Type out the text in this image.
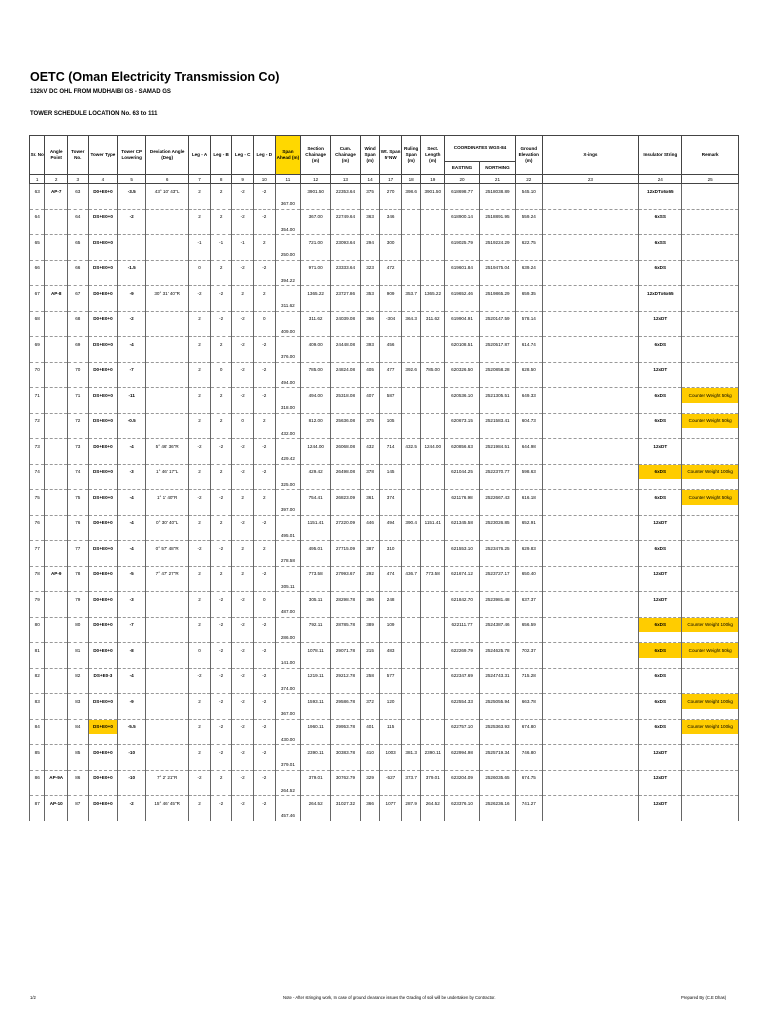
OETC (Oman Electricity Transmission Co)
132kV DC OHL FROM MUDHAIBI GS - SAMAD GS
TOWER SCHEDULE LOCATION No. 63 to 111
Sr. No	Angle Point	Tower No.	Tower Type	Tower CP Lowering	Deviation Angle (Deg)	Leg - A	Leg - B	Leg - C	Leg - D	Span Ahead (m)	Section Chainage (m)	Cum. Chainage (m)	Wind Span (m)	Wt. Span 5°NW	Ruling Span (m)	Sect. Length (m)	COORDINATES WGS-84		Ground Elevation (m)	X-ings	Insulator String	Remark
																	EASTING	NORTHING				
1	2	3	4	5	6	7	8	9	10	11	12	13	14	17	18	19	20	21	22	23	24	25
63	AP-7	63	D0+E0+0	-3.5	43° 10' 43"L	2	2	-2	-2		3901.50	22353.64	375	270	398.6	3901.50	618698.77	2518038.89	545.10		12xDTx6x65	
										367.00												
64		64	DS+E0+0	-2		2	2	-2	-2		367.00	22749.64	363	346			618900.14	2518891.95	559.24		6xSS	
										354.00												
65		65	DS+E0+0			-1	-1	-1	2		721.00	23093.64	294	300			619025.79	2519224.29	622.75		6xSS	
										250.00												
66		66	DS+E0+0	-1.5		0	2	-2	-2		971.00	23333.64	323	472			619601.84	2519475.04	639.24		6xDS	
										394.22												
67	AP-8	67	D0+E0+0	-9	30° 31' 40"R	-2	-2	2	2		1365.22	23727.86	353	909	353.7	1365.22	619652.46	2519865.29	659.35		12xDTx6x65	
										311.62												
68		68	D0+E0+0	-2		2	-2	-2	0		311.62	24039.08	366	-304	364.3	311.62	619904.91	2520147.59	578.14		12xDT	
										409.00												
69		69	DS+E0+0	-4		2	2	-2	-2		409.00	24448.08	393	456			620108.51	2520517.87	614.74		6xDS	
										376.00												
70		70	D0+E0+0	-7		2	0	-2	-2		785.00	24824.08	405	477	392.6	785.00	620326.50	2520858.28	628.50		12xDT	
										494.00												
71		71	DS+E0+0	-11		2	2	-2	-2		494.00	25318.08	407	587			620536.10	2521305.51	649.33		6xDS	Counter Weight 50kg
										318.00												
72		72	DS+E0+0	-0.5		2	2	0	2		812.00	25636.08	375	105			620673.15	2521583.41	604.73		6xDS	Counter Weight 50kg
										432.00												
73		73	D0+E0+0	-4	5° 46' 36"R	-2	-2	-2	-2		1244.00	26068.08	432	714	432.5	1244.00	620856.63	2521984.51	644.98		12xDT	
										429.42												
74		74	DS+E0+0	-3	1° 46' 17"L	2	2	-2	-2		429.42	26498.08	378	145			621044.25	2522370.77	598.63		6xDS	Counter Weight 100kg
										325.00												
75		75	DS+E0+0	-4	1° 1' 40"R	-2	-2	2	2		754.41	26823.09	361	374			621176.98	2522667.43	616.18		6xDS	Counter Weight 50kg
										397.00												
76		76	D0+E0+0	-4	0° 30' 40"L	2	2	-2	-2		1151.41	27220.09	446	494	390.4	1151.41	621345.58	2523026.85	652.91		12xDT	
										495.01												
77		77	DS+E0+0	-4	0° 57' 48"R	-2	-2	2	2		495.01	27715.09	387	310			621553.10	2523476.25	629.83		6xDS	
										278.58												
78	AP-9	78	D0+E0+0	-5	7° 47' 27"R	2	2	2	-2		773.58	27993.67	292	474	436.7	773.58	621674.12	2523727.17	650.40		12xDT	
										305.11												
79		79	D0+E0+0	-3		2	-2	-2	0		305.11	28298.78	396	248			621842.70	2523981.48	637.37		12xDT	
										487.00												
80		80	D0+E0+0	-7		2	-2	-2	-2		792.11	28785.78	389	109			622111.77	2524387.46	656.59		6xDS	Counter Weight 100kg
										286.00												
81		81	D0+E0+0	-8		0	-2	-2	-2		1078.11	29071.78	215	483			622269.79	2524625.78	702.37		6xDS	Counter Weight 50kg
										141.00												
82		82	DS+E0-3	-4		-2	-2	-2	-2		1219.11	29212.78	258	577			622347.69	2524743.31	715.28		6xDS	
										374.00												
83		83	DS+E0+0	-9		2	-2	-2	-2		1593.11	29586.78	372	120			622554.33	2525055.94	663.78		6xDS	Counter Weight 100kg
										367.00												
84		84	DS+E0+0	-5.5		2	-2	-2	-2		1960.11	29953.78	401	115			622757.10	2525363.93	674.80		6xDS	Counter Weight 100kg
										430.00												
85		85	D0+E0+0	-10		2	-2	-2	-2		2390.11	30383.78	410	1003	381.3	2390.11	622994.98	2525719.34	746.80		12xDT	
										379.01												
86	AP-9A	86	D0+E0+0	-10	7° 2' 21"R	-2	2	-2	-2		379.01	30762.79	329	-527	373.7	379.01	623204.09	2526035.65	674.75		12xDT	
										264.52												
87	AP-10	87	D0+E0+0	-2	15° 46' 45"R	2	-2	-2	-2		264.52	31027.32	366	1077	287.9	264.52	623376.10	2526236.16	741.27		12xDT	
										457.46												
1/2	Note - After stringing work, In case of ground clearance issues the Grading of soil will be undertaken by Contractor.	Prepared By (C.E Dhas)
